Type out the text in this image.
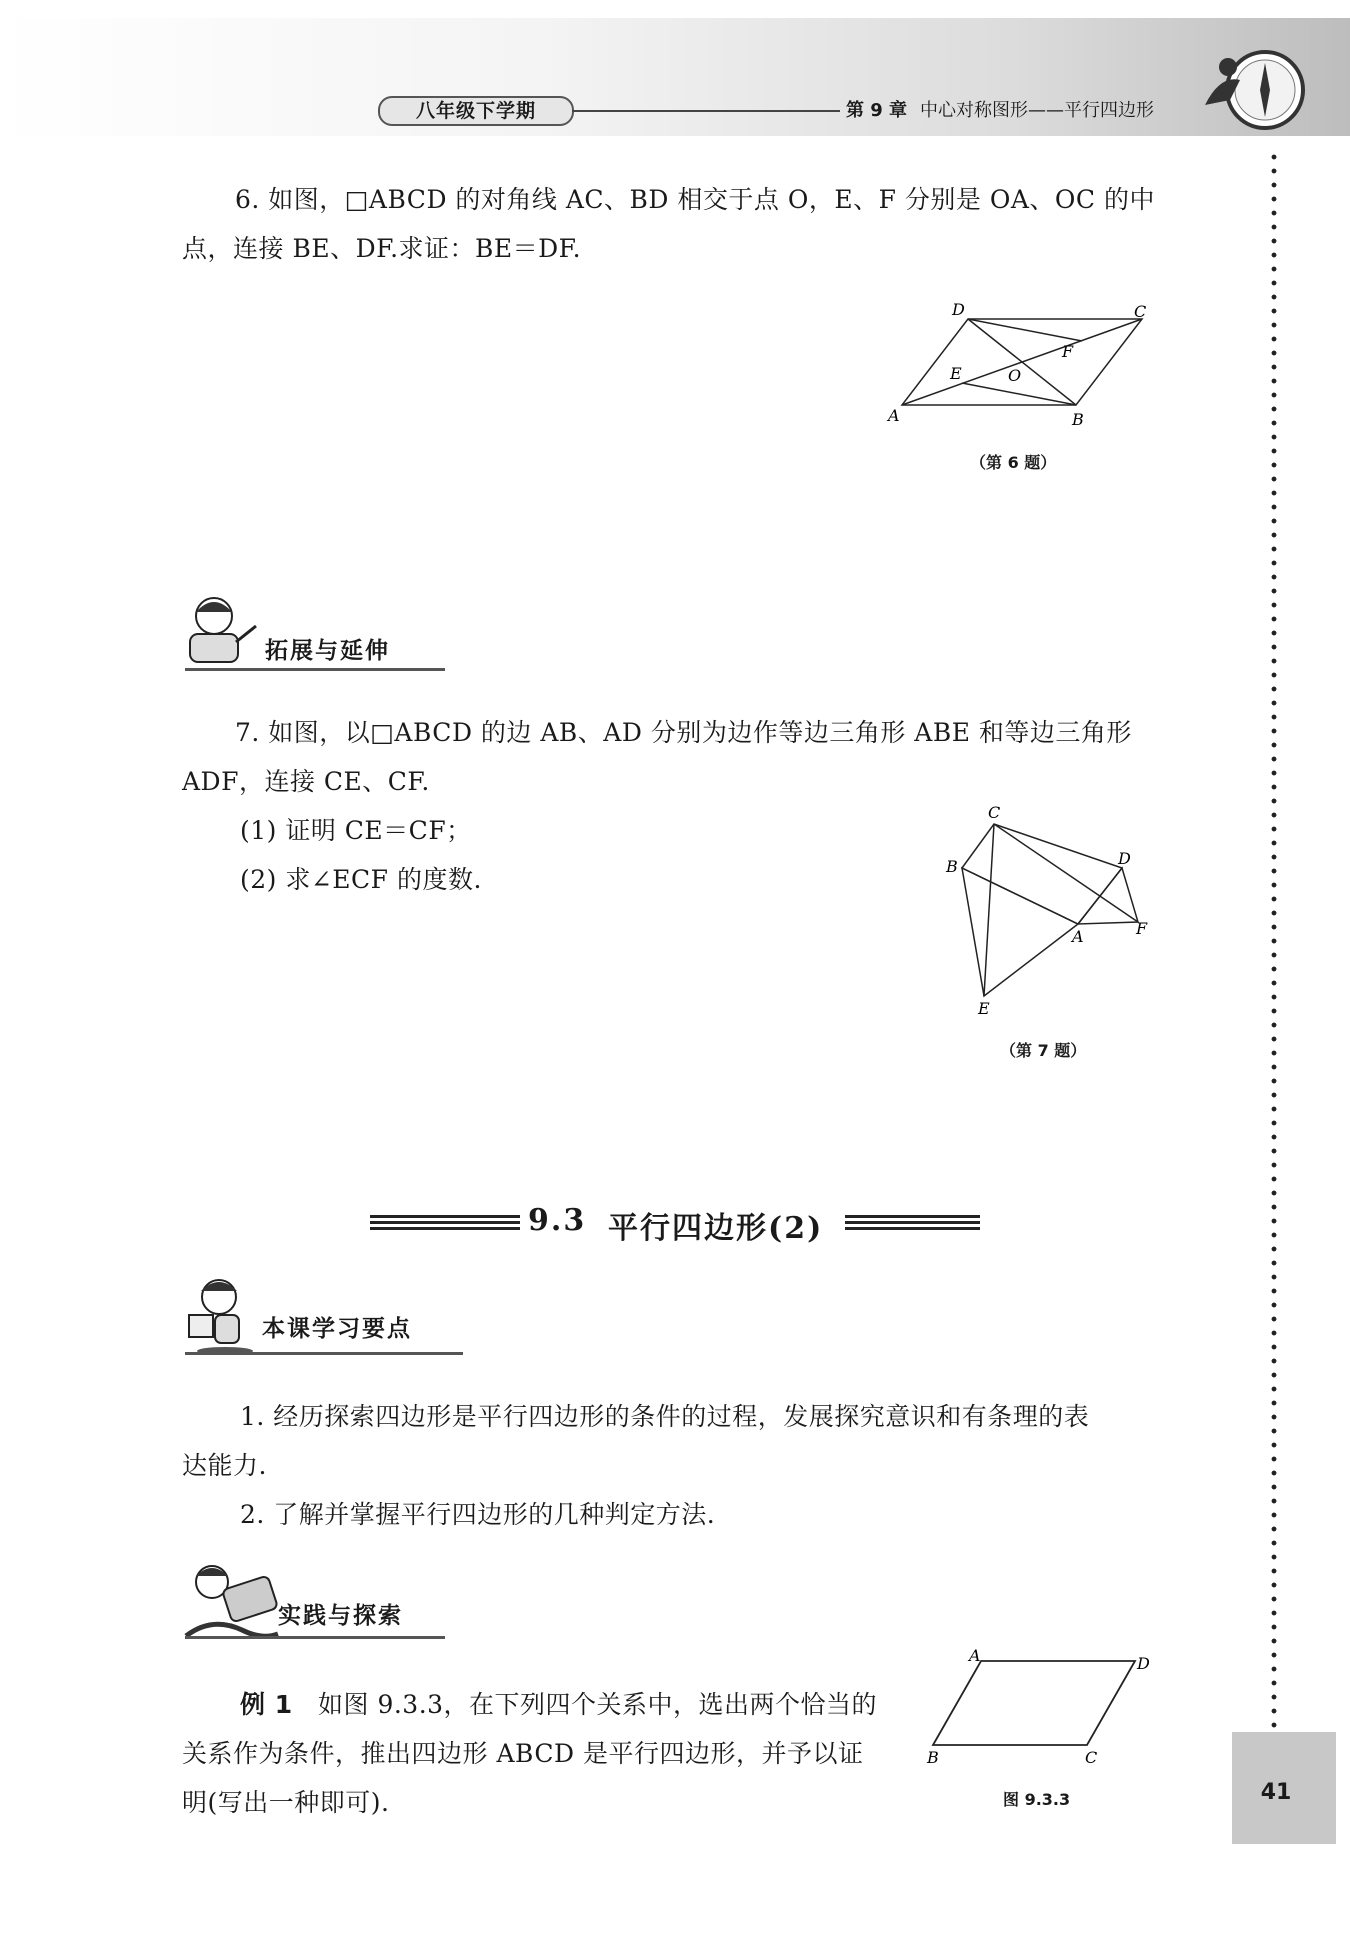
八年级下学期	第 9 章 中心对称图形——平行四边形
41
6. 如图，□ABCD 的对角线 AC、BD 相交于点 O，E、F 分别是 OA、OC 的中
点，连接 BE、DF.求证：BE＝DF.
A	B
C
D
E
F
O
（第 6 题）
拓展与延伸
7. 如图，以□ABCD 的边 AB、AD 分别为边作等边三角形 ABE 和等边三角形
ADF，连接 CE、CF.
(1) 证明 CE＝CF；
(2) 求∠ECF 的度数.	B
C
D
A	F
E
（第 7 题）
9.3 平行四边形(2)
本课学习要点
1. 经历探索四边形是平行四边形的条件的过程，发展探究意识和有条理的表
达能力.
2. 了解并掌握平行四边形的几种判定方法.
实践与探索
例 1 如图 9.3.3，在下列四个关系中，选出两个恰当的
关系作为条件，推出四边形 ABCD 是平行四边形，并予以证
明(写出一种即可).
A	D
B	C
图 9.3.3
